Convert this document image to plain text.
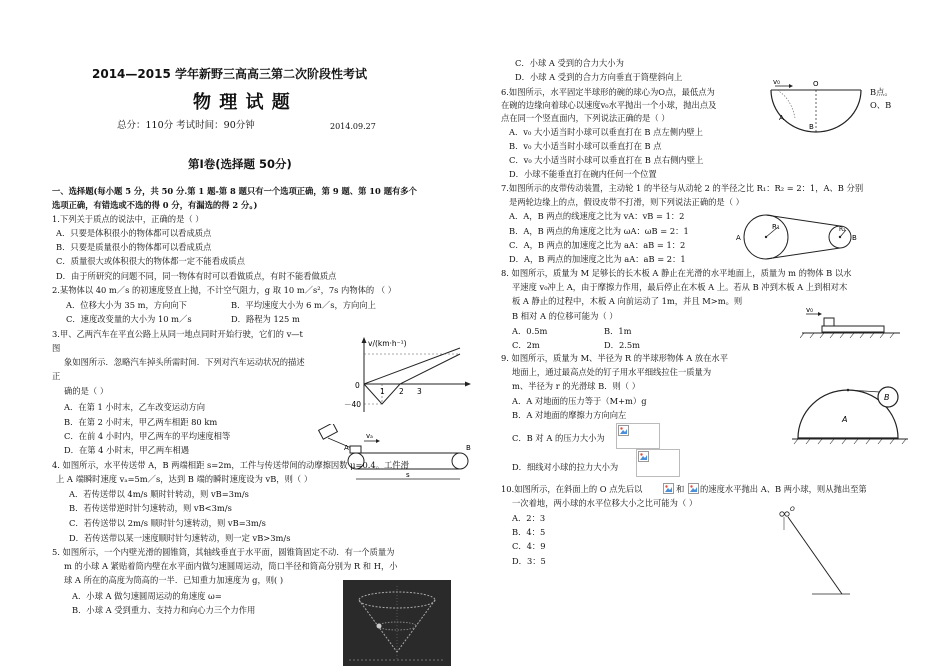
2014—2015 学年新野三高高三第二次阶段性考试
物 理 试 题
总分：110分 考试时间：90分钟	2014.09.27
第Ⅰ卷(选择题 50分)
一、选择题(每小题 5 分，共 50 分.第 1 题-第 8 题只有一个选项正确，第 9 题、第 10 题有多个
选项正确，有错选或不选的得 0 分，有漏选的得 2 分。)
1.下列关于质点的说法中，正确的是（ ）
A．只要是体积很小的物体都可以看成质点
B．只要是质量很小的物体都可以看成质点
C．质量很大或体积很大的物体都一定不能看成质点
D．由于所研究的问题不同，同一物体有时可以看做质点，有时不能看做质点
2.某物体以 40 m／s 的初速度竖直上抛，不计空气阻力，g 取 10 m／s²，7s 内物体的 （ ）
A．位移大小为 35 m，方向向下	B．平均速度大小为 6 m／s，方向向上
C．速度改变量的大小为 10 m／s	D．路程为 125 m
3.甲、乙两汽车在平直公路上从同一地点同时开始行驶，它们的 v—t
图
象如图所示．忽略汽车掉头所需时间．下列对汽车运动状况的描述
正
确的是（ ）
A．在第 1 小时末，乙车改变运动方向
B．在第 2 小时末，甲乙两车相距 80 km
C．在前 4 小时内，甲乙两车的平均速度相等
D．在第 4 小时末，甲乙两车相遇
v/(km·h⁻¹)
－40
0
1 2 3
vₐ
A	B
s
4. 如图所示，水平传送带 A，B 两端相距 s=2m，工件与传送带间的动摩擦因数 μ=0.4。工件滑
上 A 端瞬时速度 vₐ=5m／s，达到 B 端的瞬时速度设为 vB，则（ ）
A．若传送带以 4m/s 顺时针转动，则 vB=3m/s
B．若传送带逆时针匀速转动，则 vB<3m/s
C．若传送带以 2m/s 顺时针匀速转动，则 vB=3m/s
D．若传送带以某一速度顺时针匀速转动，则一定 vB>3m/s
5. 如图所示，一个内壁光滑的圆锥筒，其轴线垂直于水平面，圆锥筒固定不动．有一个质量为
m 的小球 A 紧贴着筒内壁在水平面内做匀速圆周运动，筒口半径和筒高分别为 R 和 H，小
球 A 所在的高度为筒高的一半．已知重力加速度为 g，则( )
A．小球 A 做匀速圆周运动的角速度 ω=
B．小球 A 受到重力、支持力和向心力三个力作用
C．小球 A 受到的合力大小为
D．小球 A 受到的合力方向垂直于筒壁斜向上
6.如图所示，水平固定半球形的碗的球心为O点，最低点为
在碗的边缘向着球心以速度v₀水平抛出一个小球，抛出点及
点在同一个竖直面内，下列说法正确的是（ ）
B点。
O、B
A．v₀ 大小适当时小球可以垂直打在 B 点左侧内壁上
B．v₀ 大小适当时小球可以垂直打在 B 点
C．v₀ 大小适当时小球可以垂直打在 B 点右侧内壁上
D．小球不能垂直打在碗内任何一个位置
v₀	O
A
B
7.如图所示的皮带传动装置，主动轮 1 的半径与从动轮 2 的半径之比 R₁：R₂ = 2：1，A、B 分别
是两轮边缘上的点，假设皮带不打滑，则下列说法正确的是（ ）
A．A，B 两点的线速度之比为 vA：vB = 1：2
B．A，B 两点的角速度之比为 ωA：ωB = 2：1
C．A，B 两点的加速度之比为 aA：aB = 1：2
D．A，B 两点的加速度之比为 aA：aB = 2：1
A	B
R₁	R₂
8. 如图所示，质量为 M 足够长的长木板 A 静止在光滑的水平地面上，质量为 m 的物体 B 以水
平速度 v₀冲上 A，由于摩擦力作用，最后停止在木板 A 上。若从 B 冲到木板 A 上到相对木
板 A 静止的过程中，木板 A 向前运动了 1m，并且 M>m。则
B 相对 A 的位移可能为（ ）
A．0.5m	B．1m
C．2m	D．2.5m
v₀
9. 如图所示，质量为 M、半径为 R 的半球形物体 A 放在水平
地面上，通过最高点处的钉子用水平细线拉住一质量为
m、半径为 r 的光滑球 B．则（ ）
A．A 对地面的压力等于（M+m）g
B．A 对地面的摩擦力方向向左
C．B 对 A 的压力大小为
D．细线对小球的拉力大小为
A
B
10.如图所示，在斜面上的 O 点先后以	和 的速度水平抛出 A、B 两小球，则从抛出至第
一次着地，两小球的水平位移大小之比可能为（ ）
A．2：3
B．4：5
C．4：9
D．3：5
O
